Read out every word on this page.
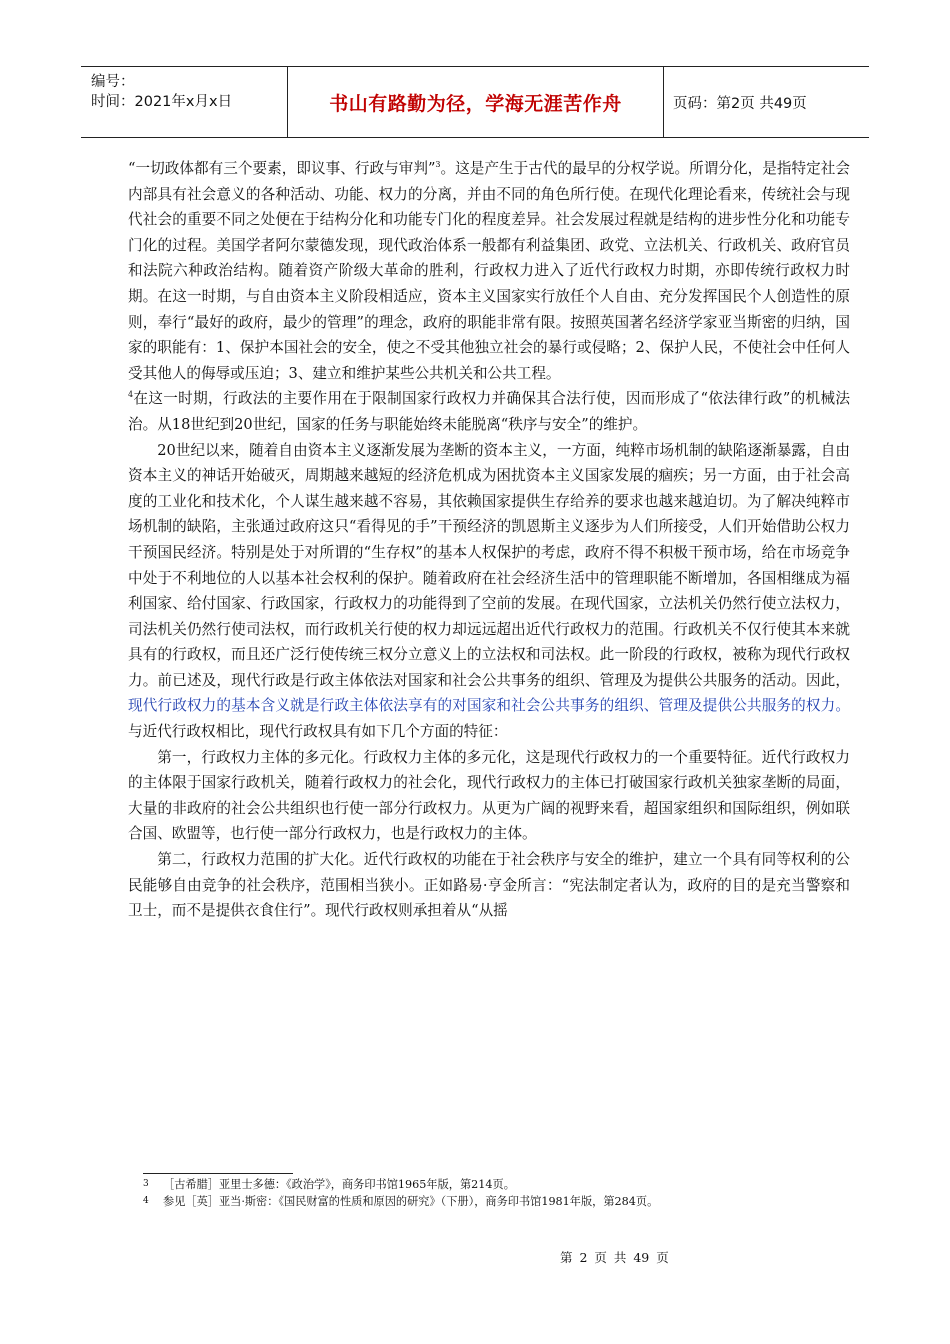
编号：
时间：2021年x月x日	书山有路勤为径，学海无涯苦作舟	页码：第2页 共49页

“一切政体都有三个要素，即议事、行政与审判”$^3$。这是产生于古代的最早的分权学说。所谓分化，是指特定社会内部具有社会意义的各种活动、功能、权力的分离，并由不同的角色所行使。在现代化理论看来，传统社会与现代社会的重要不同之处便在于结构分化和功能专门化的程度差异。社会发展过程就是结构的进步性分化和功能专门化的过程。美国学者阿尔蒙德发现，现代政治体系一般都有利益集团、政党、立法机关、行政机关、政府官员和法院六种政治结构。随着资产阶级大革命的胜利，行政权力进入了近代行政权力时期，亦即传统行政权力时期。在这一时期，与自由资本主义阶段相适应，资本主义国家实行放任个人自由、充分发挥国民个人创造性的原则，奉行“最好的政府，最少的管理”的理念，政府的职能非常有限。按照英国著名经济学家亚当斯密的归纳，国家的职能有：1、保护本国社会的安全，使之不受其他独立社会的暴行或侵略；2、保护人民，不使社会中任何人受其他人的侮辱或压迫；3、建立和维护某些公共机关和公共工程。
$^4$在这一时期，行政法的主要作用在于限制国家行政权力并确保其合法行使，因而形成了“依法律行政”的机械法治。从18世纪到20世纪，国家的任务与职能始终未能脱离“秩序与安全”的维护。

20世纪以来，随着自由资本主义逐渐发展为垄断的资本主义，一方面，纯粹市场机制的缺陷逐渐暴露，自由资本主义的神话开始破灭，周期越来越短的经济危机成为困扰资本主义国家发展的痼疾；另一方面，由于社会高度的工业化和技术化，个人谋生越来越不容易，其依赖国家提供生存给养的要求也越来越迫切。为了解决纯粹市场机制的缺陷，主张通过政府这只“看得见的手”干预经济的凯恩斯主义逐步为人们所接受，人们开始借助公权力干预国民经济。特别是处于对所谓的“生存权”的基本人权保护的考虑，政府不得不积极干预市场，给在市场竞争中处于不利地位的人以基本社会权利的保护。随着政府在社会经济生活中的管理职能不断增加，各国相继成为福利国家、给付国家、行政国家，行政权力的功能得到了空前的发展。在现代国家，立法机关仍然行使立法权力，司法机关仍然行使司法权，而行政机关行使的权力却远远超出近代行政权力的范围。行政机关不仅行使其本来就具有的行政权，而且还广泛行使传统三权分立意义上的立法权和司法权。此一阶段的行政权，被称为现代行政权力。前已述及，现代行政是行政主体依法对国家和社会公共事务的组织、管理及为提供公共服务的活动。因此，现代行政权力的基本含义就是行政主体依法享有的对国家和社会公共事务的组织、管理及提供公共服务的权力。与近代行政权相比，现代行政权具有如下几个方面的特征：

第一，行政权力主体的多元化。行政权力主体的多元化，这是现代行政权力的一个重要特征。近代行政权力的主体限于国家行政机关，随着行政权力的社会化，现代行政权力的主体已打破国家行政机关独家垄断的局面，大量的非政府的社会公共组织也行使一部分行政权力。从更为广阔的视野来看，超国家组织和国际组织，例如联合国、欧盟等，也行使一部分行政权力，也是行政权力的主体。

第二，行政权力范围的扩大化。近代行政权的功能在于社会秩序与安全的维护，建立一个具有同等权利的公民能够自由竞争的社会秩序，范围相当狭小。正如路易·亨金所言：“宪法制定者认为，政府的目的是充当警察和卫士，而不是提供衣食住行”。现代行政权则承担着从“从摇

3 ［古希腊］亚里士多德：《政治学》，商务印书馆1965年版，第214页。
4 参见［英］亚当·斯密：《国民财富的性质和原因的研究》（下册），商务印书馆1981年版，第284页。
第 2 页 共 49 页
